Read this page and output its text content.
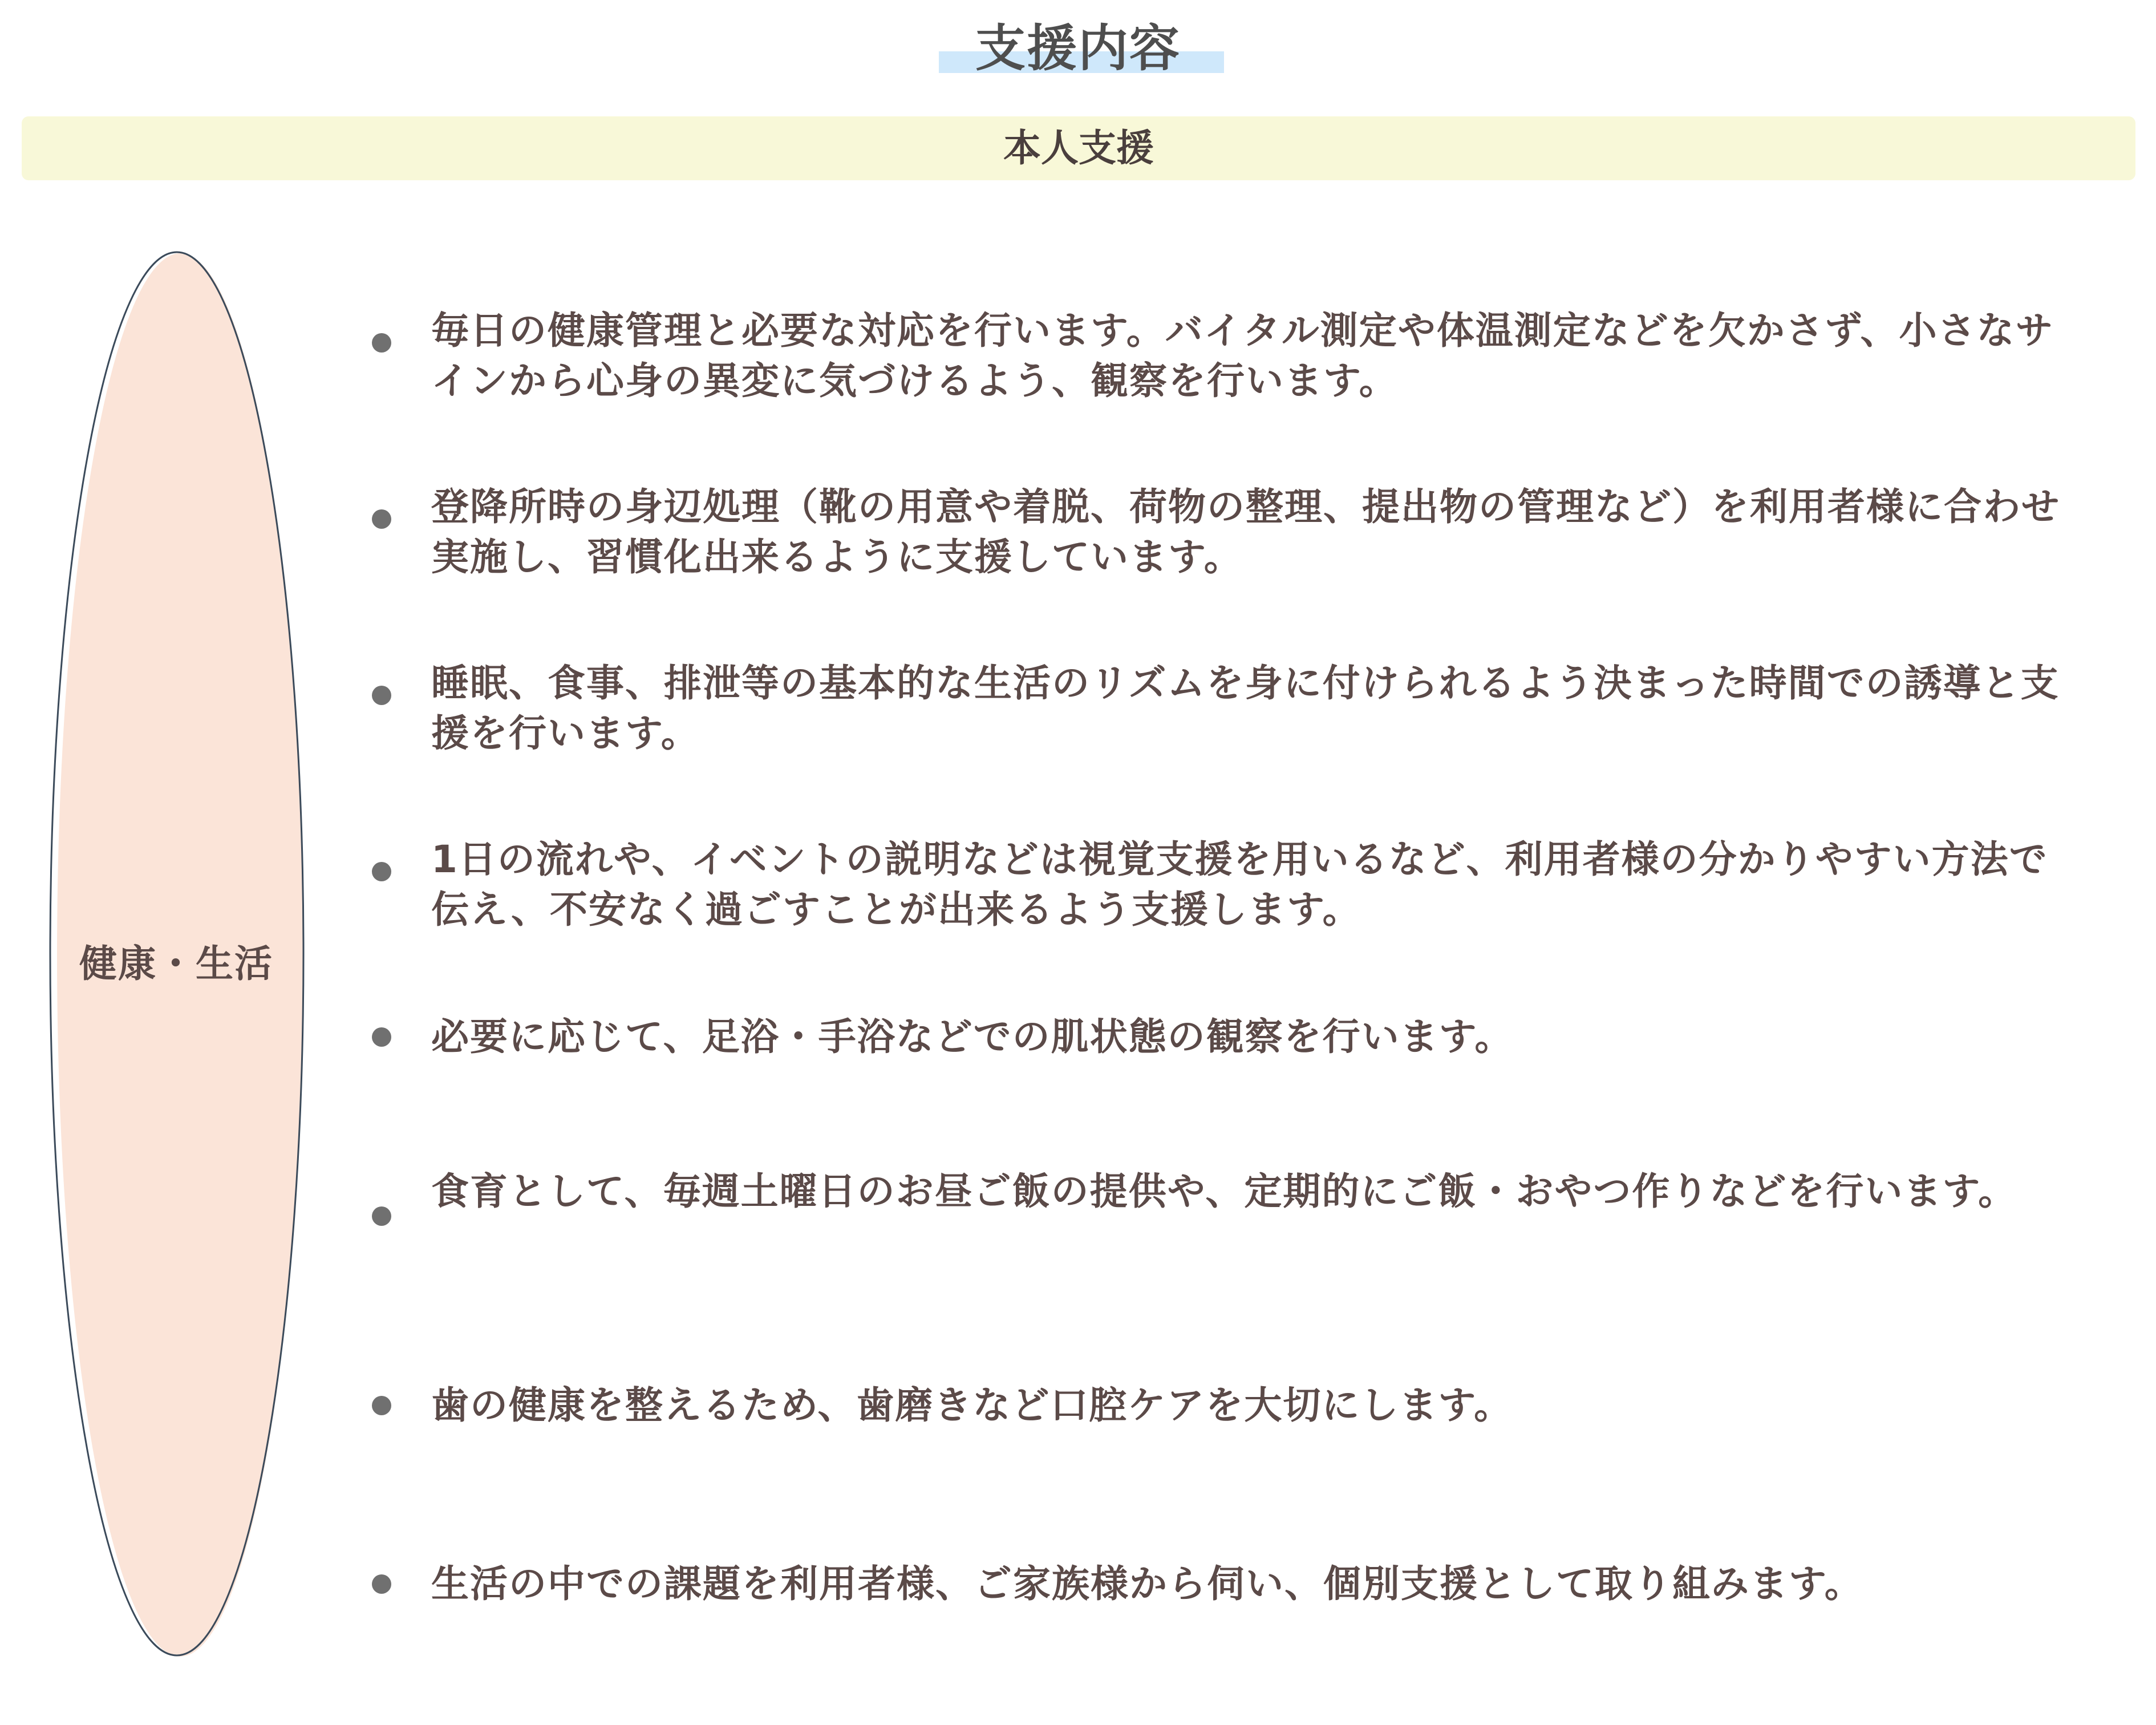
支援内容
本人支援
健康・生活
毎日の健康管理と必要な対応を行います。バイタル測定や体温測定などを欠かさず、小さなサインから心身の異変に気づけるよう、観察を行います。
登降所時の身辺処理（靴の用意や着脱、荷物の整理、提出物の管理など）を利用者様に合わせ実施し、習慣化出来るように支援しています。
睡眠、食事、排泄等の基本的な生活のリズムを身に付けられるよう決まった時間での誘導と支援を行います。
1日の流れや、イベントの説明などは視覚支援を用いるなど、利用者様の分かりやすい方法で伝え、不安なく過ごすことが出来るよう支援します。
必要に応じて、足浴・手浴などでの肌状態の観察を行います。
食育として、毎週土曜日のお昼ご飯の提供や、定期的にご飯・おやつ作りなどを行います。
歯の健康を整えるため、歯磨きなど口腔ケアを大切にします。
生活の中での課題を利用者様、ご家族様から伺い、個別支援として取り組みます。
